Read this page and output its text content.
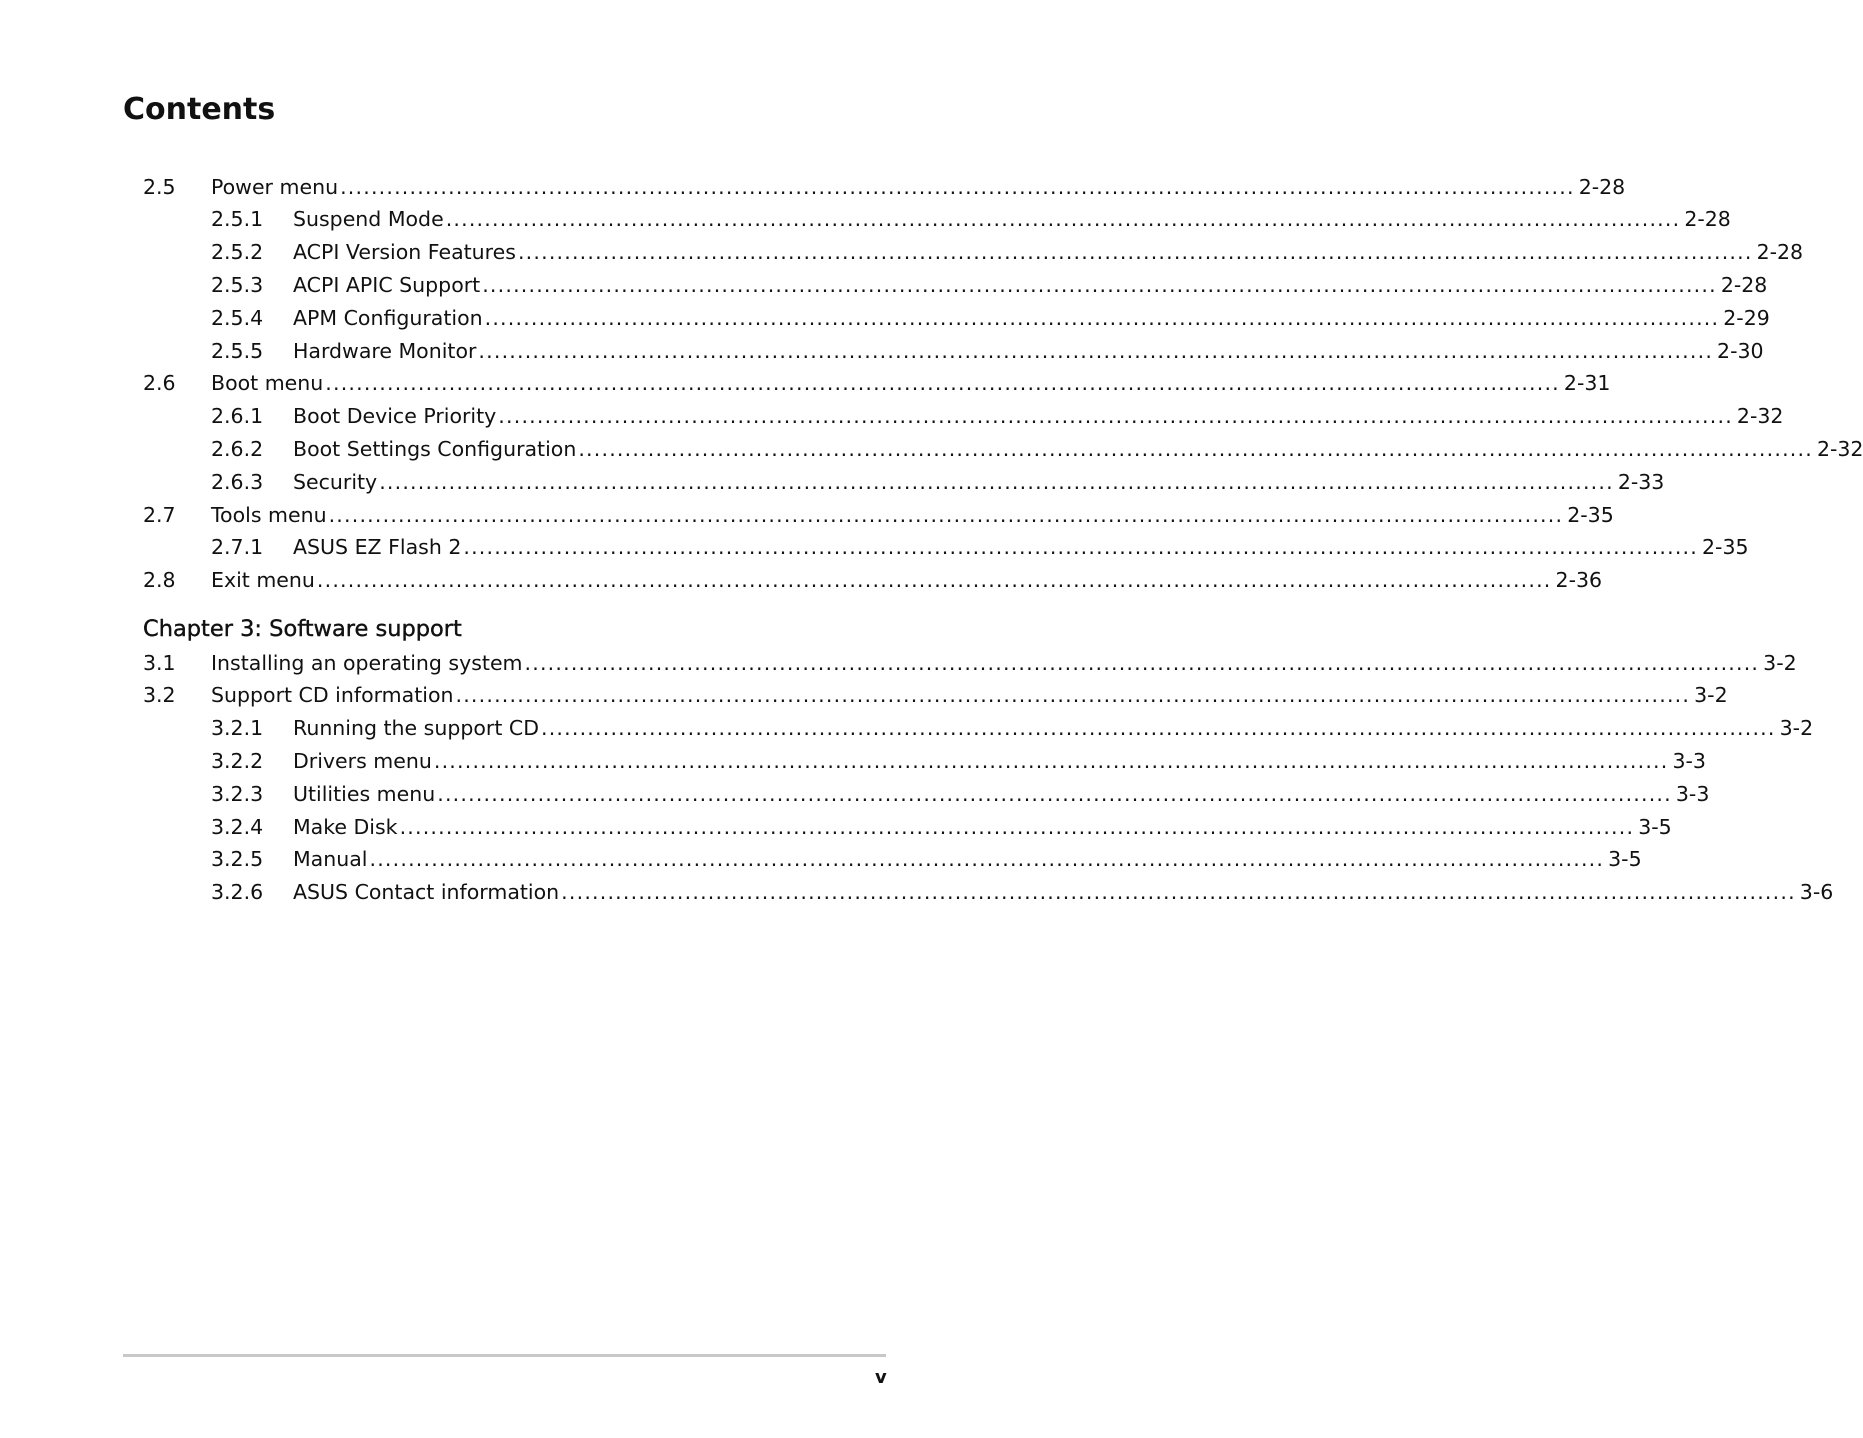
Contents
2.5 Power menu ................................................................................................................................................................ 2-28
2.5.1 Suspend Mode ................................................................................................................................................................ 2-28
2.5.2 ACPI Version Features ................................................................................................................................................................ 2-28
2.5.3 ACPI APIC Support ................................................................................................................................................................ 2-28
2.5.4 APM Configuration ................................................................................................................................................................ 2-29
2.5.5 Hardware Monitor ................................................................................................................................................................ 2-30
2.6 Boot menu ................................................................................................................................................................ 2-31
2.6.1 Boot Device Priority ................................................................................................................................................................ 2-32
2.6.2 Boot Settings Configuration ................................................................................................................................................................ 2-32
2.6.3 Security ................................................................................................................................................................ 2-33
2.7 Tools menu ................................................................................................................................................................ 2-35
2.7.1 ASUS EZ Flash 2 ................................................................................................................................................................ 2-35
2.8 Exit menu ................................................................................................................................................................ 2-36
3.1 Installing an operating system ................................................................................................................................................................ 3-2
3.2 Support CD information ................................................................................................................................................................ 3-2
3.2.1 Running the support CD ................................................................................................................................................................ 3-2
3.2.2 Drivers menu ................................................................................................................................................................ 3-3
3.2.3 Utilities menu ................................................................................................................................................................ 3-3
3.2.4 Make Disk ................................................................................................................................................................ 3-5
3.2.5 Manual ................................................................................................................................................................ 3-5
3.2.6 ASUS Contact information ................................................................................................................................................................ 3-6
Chapter 3: Software support
v
